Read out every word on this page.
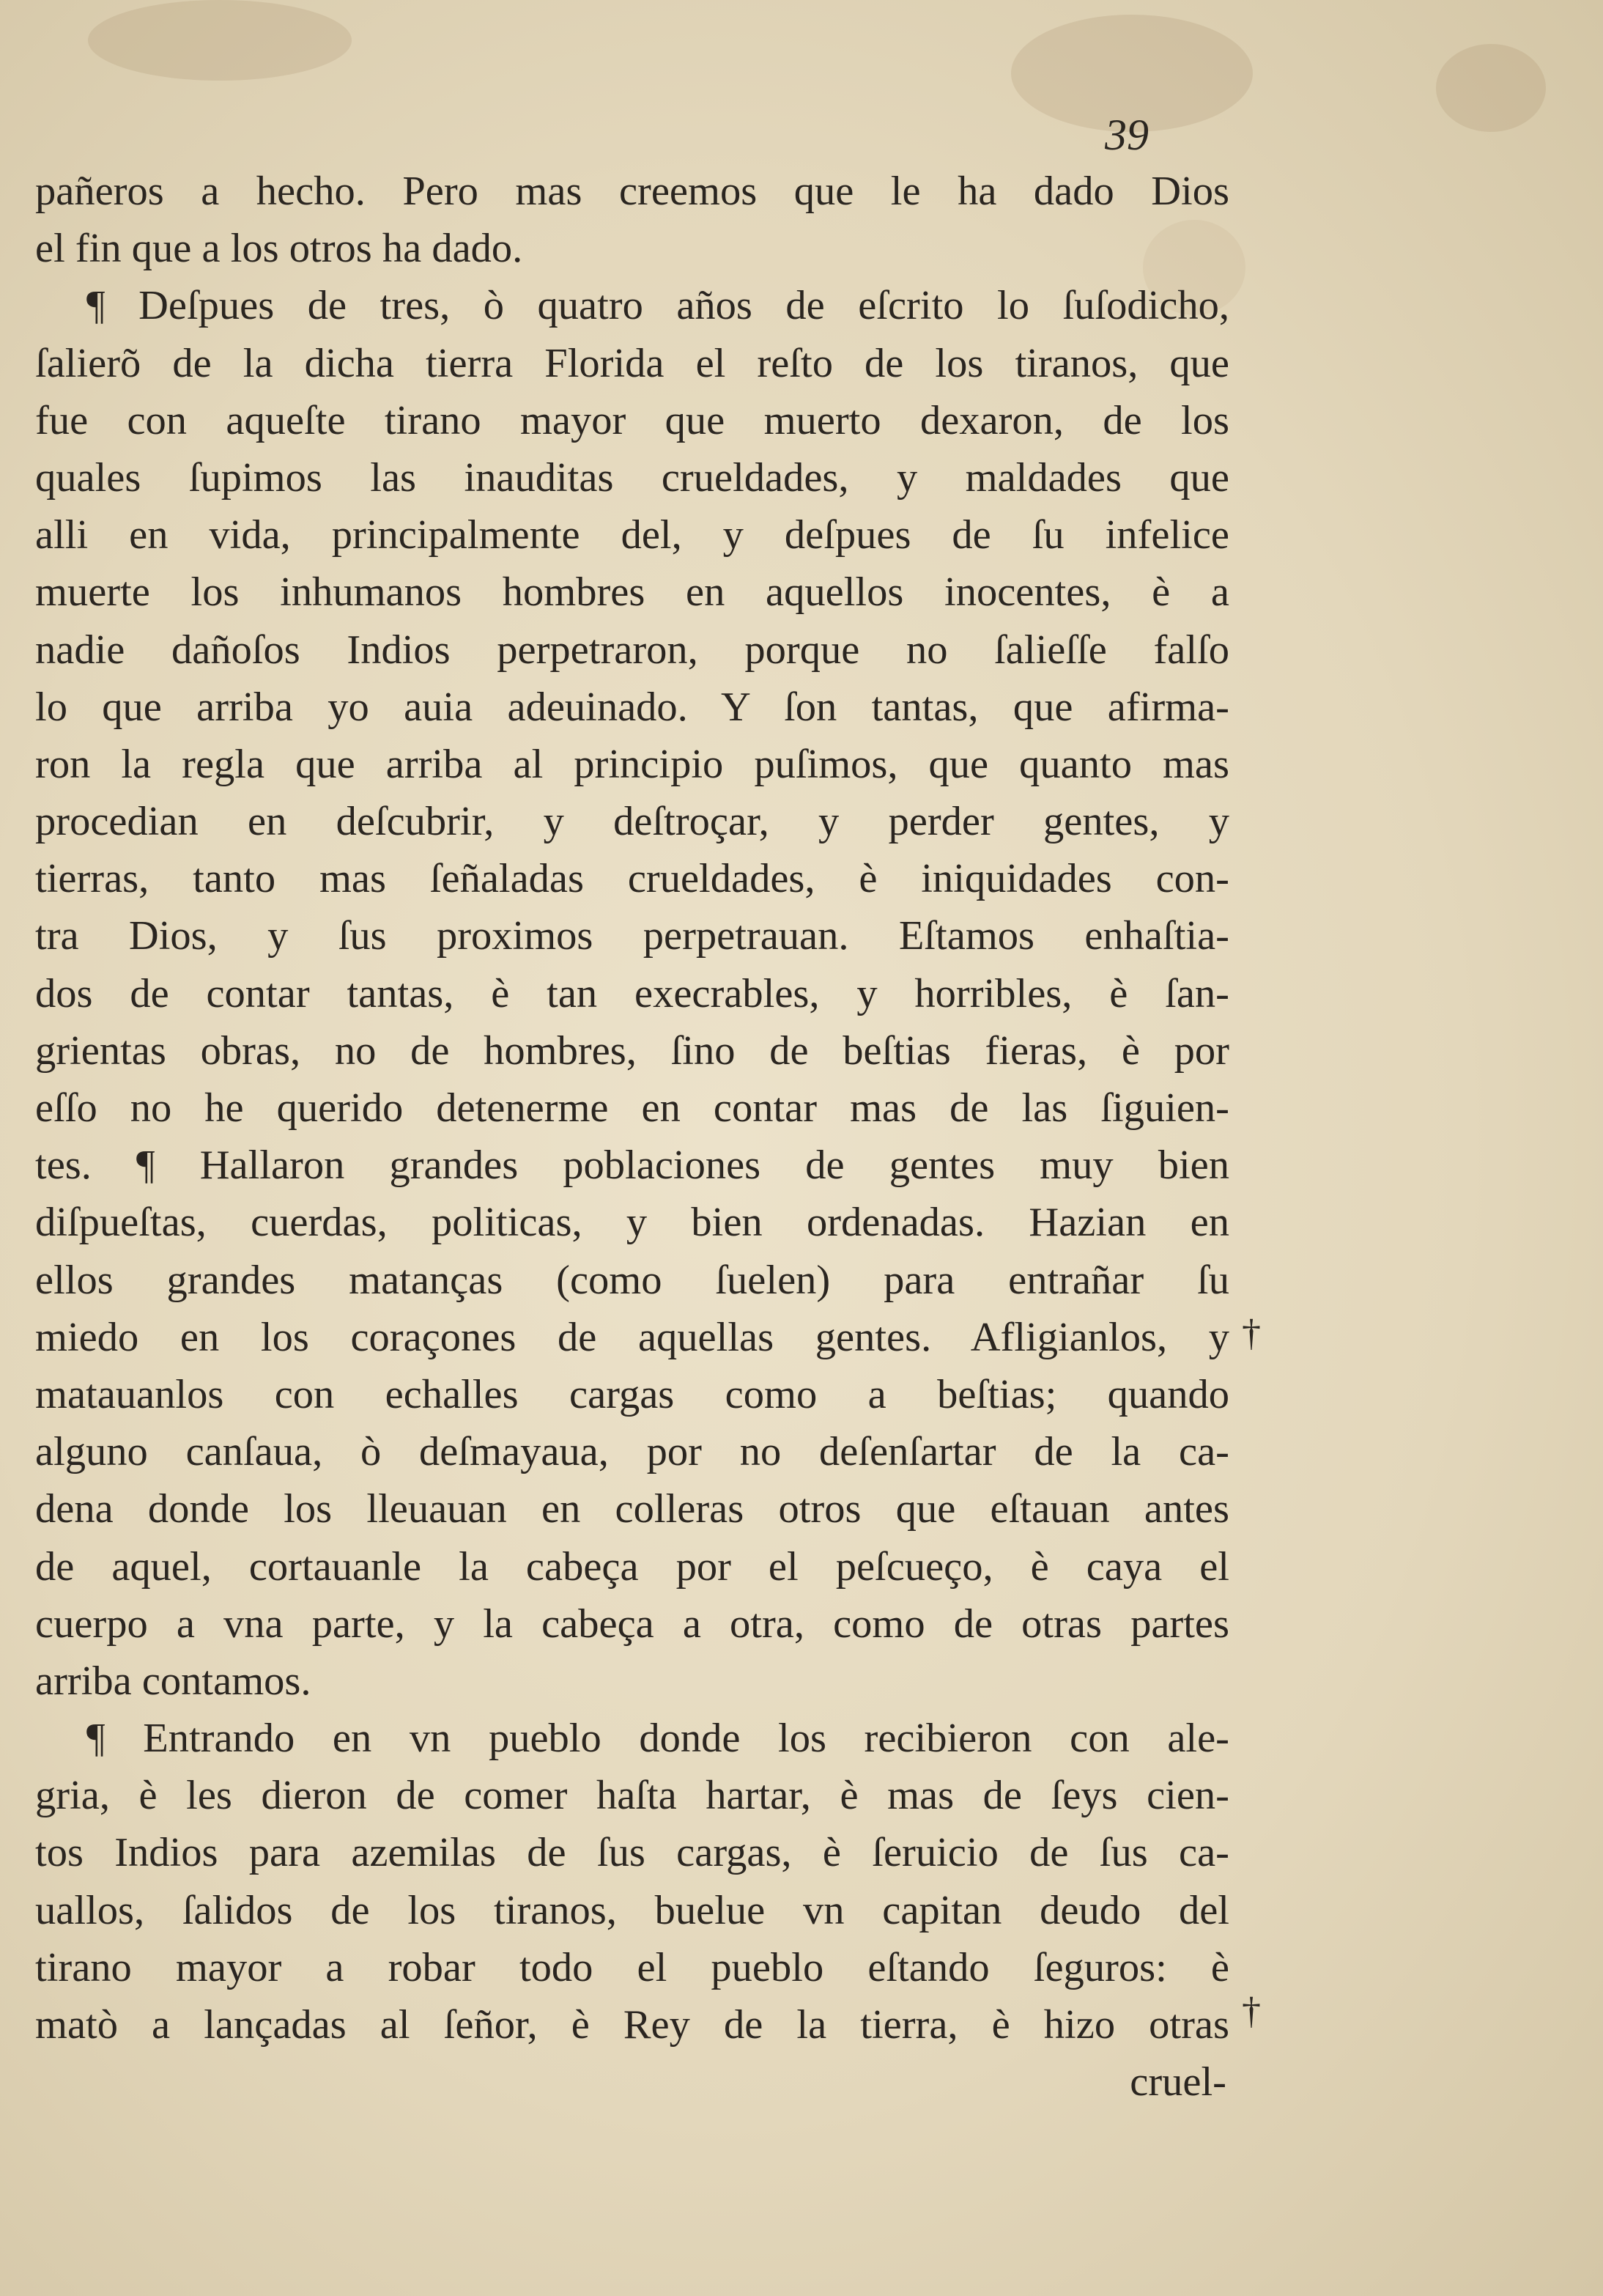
39
pañeros a hecho. Pero mas creemos que le ha dado Dios
el fin que a los otros ha dado.
¶ Deſpues de tres, ò quatro años de eſcrito lo ſuſodicho,
ſalierõ de la dicha tierra Florida el reſto de los tiranos, que
fue con aqueſte tirano mayor que muerto dexaron, de los
quales ſupimos las inauditas crueldades, y maldades que
alli en vida, principalmente del, y deſpues de ſu infelice
muerte los inhumanos hombres en aquellos inocentes, è a
nadie dañoſos Indios perpetraron, porque no ſalieſſe falſo
lo que arriba yo auia adeuinado. Y ſon tantas, que afirma-
ron la regla que arriba al principio puſimos, que quanto mas
procedian en deſcubrir, y deſtroçar, y perder gentes, y
tierras, tanto mas ſeñaladas crueldades, è iniquidades con-
tra Dios, y ſus proximos perpetrauan. Eſtamos enhaſtia-
dos de contar tantas, è tan execrables, y horribles, è ſan-
grientas obras, no de hombres, ſino de beſtias fieras, è por
eſſo no he querido detenerme en contar mas de las ſiguien-
tes. ¶ Hallaron grandes poblaciones de gentes muy bien
diſpueſtas, cuerdas, politicas, y bien ordenadas. Hazian en
ellos grandes matanças (como ſuelen) para entrañar ſu
miedo en los coraçones de aquellas gentes. Afligianlos, y
matauanlos con echalles cargas como a beſtias; quando
alguno canſaua, ò deſmayaua, por no deſenſartar de la ca-
dena donde los lleuauan en colleras otros que eſtauan antes
de aquel, cortauanle la cabeça por el peſcueço, è caya el
cuerpo a vna parte, y la cabeça a otra, como de otras partes
arriba contamos.
¶ Entrando en vn pueblo donde los recibieron con ale-
gria, è les dieron de comer haſta hartar, è mas de ſeys cien-
tos Indios para azemilas de ſus cargas, è ſeruicio de ſus ca-
uallos, ſalidos de los tiranos, buelue vn capitan deudo del
tirano mayor a robar todo el pueblo eſtando ſeguros: è
matò a lançadas al ſeñor, è Rey de la tierra, è hizo otras
cruel-
†
†
